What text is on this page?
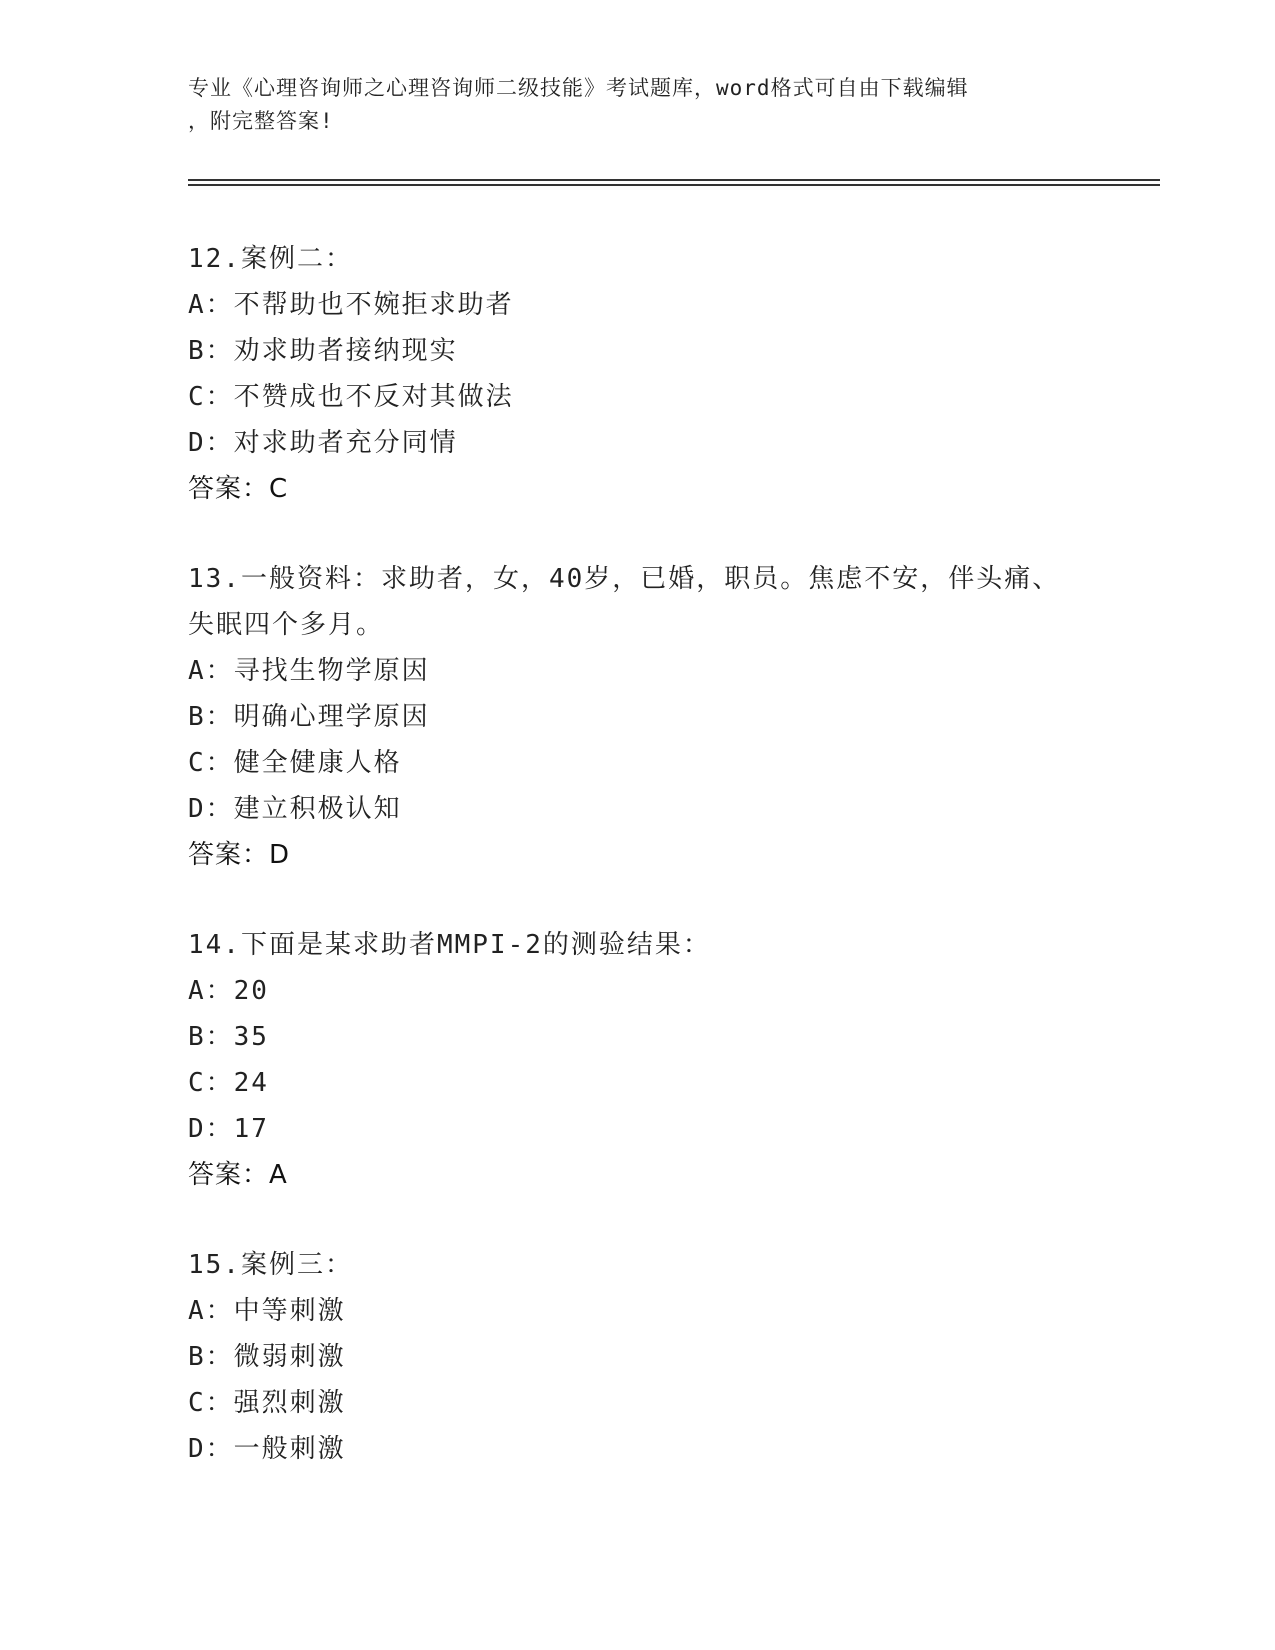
专业《心理咨询师之心理咨询师二级技能》考试题库，word格式可自由下载编辑
，附完整答案!
12.案例二：
A：不帮助也不婉拒求助者
B：劝求助者接纳现实
C：不赞成也不反对其做法
D：对求助者充分同情
答案：C
13.一般资料：求助者，女，40岁，已婚，职员。焦虑不安，伴头痛、
失眠四个多月。
A：寻找生物学原因
B：明确心理学原因
C：健全健康人格
D：建立积极认知
答案：D
14.下面是某求助者MMPI-2的测验结果：
A：20
B：35
C：24
D：17
答案：A
15.案例三：
A：中等刺激
B：微弱刺激
C：强烈刺激
D：一般刺激
